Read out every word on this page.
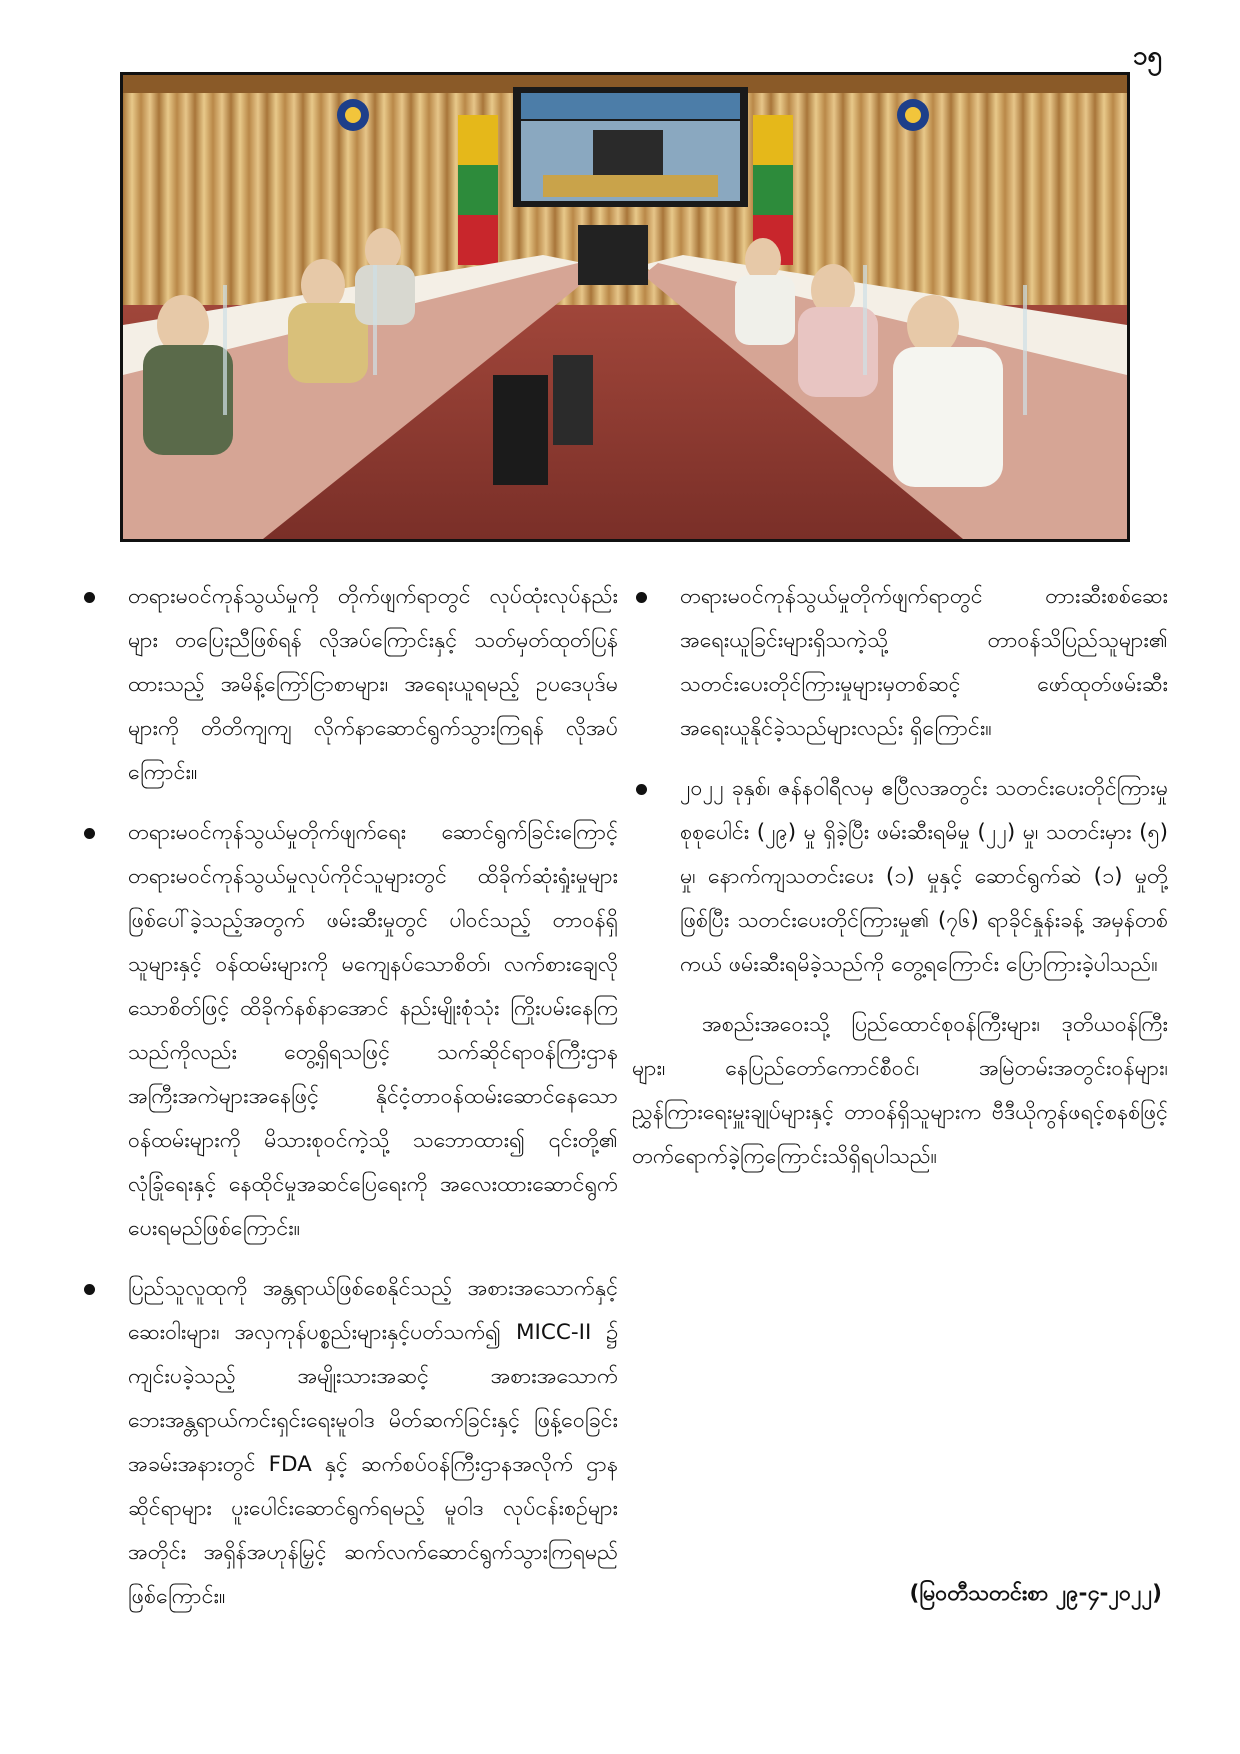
၁၅
တရားမဝင်ကုန်သွယ်မှုကို တိုက်ဖျက်ရာတွင် လုပ်ထုံးလုပ်နည်းများ တပြေးညီဖြစ်ရန် လိုအပ်ကြောင်းနှင့် သတ်မှတ်ထုတ်ပြန်ထားသည့် အမိန့်ကြော်ငြာစာများ၊ အရေးယူရမည့် ဥပဒေပုဒ်မများကို တိတိကျကျ လိုက်နာဆောင်ရွက်သွားကြရန် လိုအပ်ကြောင်း။
တရားမဝင်ကုန်သွယ်မှုတိုက်ဖျက်ရေး ဆောင်ရွက်ခြင်းကြောင့် တရားမဝင်ကုန်သွယ်မှုလုပ်ကိုင်သူများတွင် ထိခိုက်ဆုံးရှုံးမှုများဖြစ်ပေါ်ခဲ့သည့်အတွက် ဖမ်းဆီးမှုတွင် ပါဝင်သည့် တာဝန်ရှိသူများနှင့် ဝန်ထမ်းများကို မကျေနပ်သောစိတ်၊ လက်စားချေလိုသောစိတ်ဖြင့် ထိခိုက်နစ်နာအောင် နည်းမျိုးစုံသုံး ကြိုးပမ်းနေကြသည်ကိုလည်း တွေ့ရှိရသဖြင့် သက်ဆိုင်ရာဝန်ကြီးဌာန အကြီးအကဲများအနေဖြင့် နိုင်ငံ့တာဝန်ထမ်းဆောင်နေသော ဝန်ထမ်းများကို မိသားစုဝင်ကဲ့သို့ သဘောထား၍ ၎င်းတို့၏ လုံခြုံရေးနှင့် နေထိုင်မှုအဆင်ပြေရေးကို အလေးထားဆောင်ရွက်ပေးရမည်ဖြစ်ကြောင်း။
ပြည်သူလူထုကို အန္တရာယ်ဖြစ်စေနိုင်သည့် အစားအသောက်နှင့်ဆေးဝါးများ၊ အလှကုန်ပစ္စည်းများနှင့်ပတ်သက်၍ MICC-II ၌ ကျင်းပခဲ့သည့် အမျိုးသားအဆင့် အစားအသောက်ဘေးအန္တရာယ်ကင်းရှင်းရေးမူဝါဒ မိတ်ဆက်ခြင်းနှင့် ဖြန့်ဝေခြင်းအခမ်းအနားတွင် FDA နှင့် ဆက်စပ်ဝန်ကြီးဌာနအလိုက် ဌာနဆိုင်ရာများ ပူးပေါင်းဆောင်ရွက်ရမည့် မူဝါဒ လုပ်ငန်းစဉ်များအတိုင်း အရှိန်အဟုန်မြှင့် ဆက်လက်ဆောင်ရွက်သွားကြရမည်ဖြစ်ကြောင်း။
တရားမဝင်ကုန်သွယ်မှုတိုက်ဖျက်ရာတွင် တားဆီးစစ်ဆေးအရေးယူခြင်းများရှိသကဲ့သို့ တာဝန်သိပြည်သူများ၏ သတင်းပေးတိုင်ကြားမှုများမှတစ်ဆင့် ဖော်ထုတ်ဖမ်းဆီးအရေးယူနိုင်ခဲ့သည်များလည်း ရှိကြောင်း။
၂၀၂၂ ခုနှစ်၊ ဇန်နဝါရီလမှ ဧပြီလအတွင်း သတင်းပေးတိုင်ကြားမှု စုစုပေါင်း (၂၉) မှု ရှိခဲ့ပြီး ဖမ်းဆီးရမိမှု (၂၂) မှု၊ သတင်းမှား (၅) မှု၊ နောက်ကျသတင်းပေး (၁) မှုနှင့် ဆောင်ရွက်ဆဲ (၁) မှုတို့ဖြစ်ပြီး သတင်းပေးတိုင်ကြားမှု၏ (၇၆) ရာခိုင်နှုန်းခန့် အမှန်တစ်ကယ် ဖမ်းဆီးရမိခဲ့သည်ကို တွေ့ရကြောင်း ပြောကြားခဲ့ပါသည်။

အစည်းအဝေးသို့ ပြည်ထောင်စုဝန်ကြီးများ၊ ဒုတိယဝန်ကြီးများ၊ နေပြည်တော်ကောင်စီဝင်၊ အမြဲတမ်းအတွင်းဝန်များ၊ ညွှန်ကြားရေးမှူးချုပ်များနှင့် တာဝန်ရှိသူများက ဗီဒီယိုကွန်ဖရင့်စနစ်ဖြင့် တက်ရောက်ခဲ့ကြကြောင်းသိရှိရပါသည်။

(မြဝတီသတင်းစာ ၂၉-၄-၂၀၂၂)
